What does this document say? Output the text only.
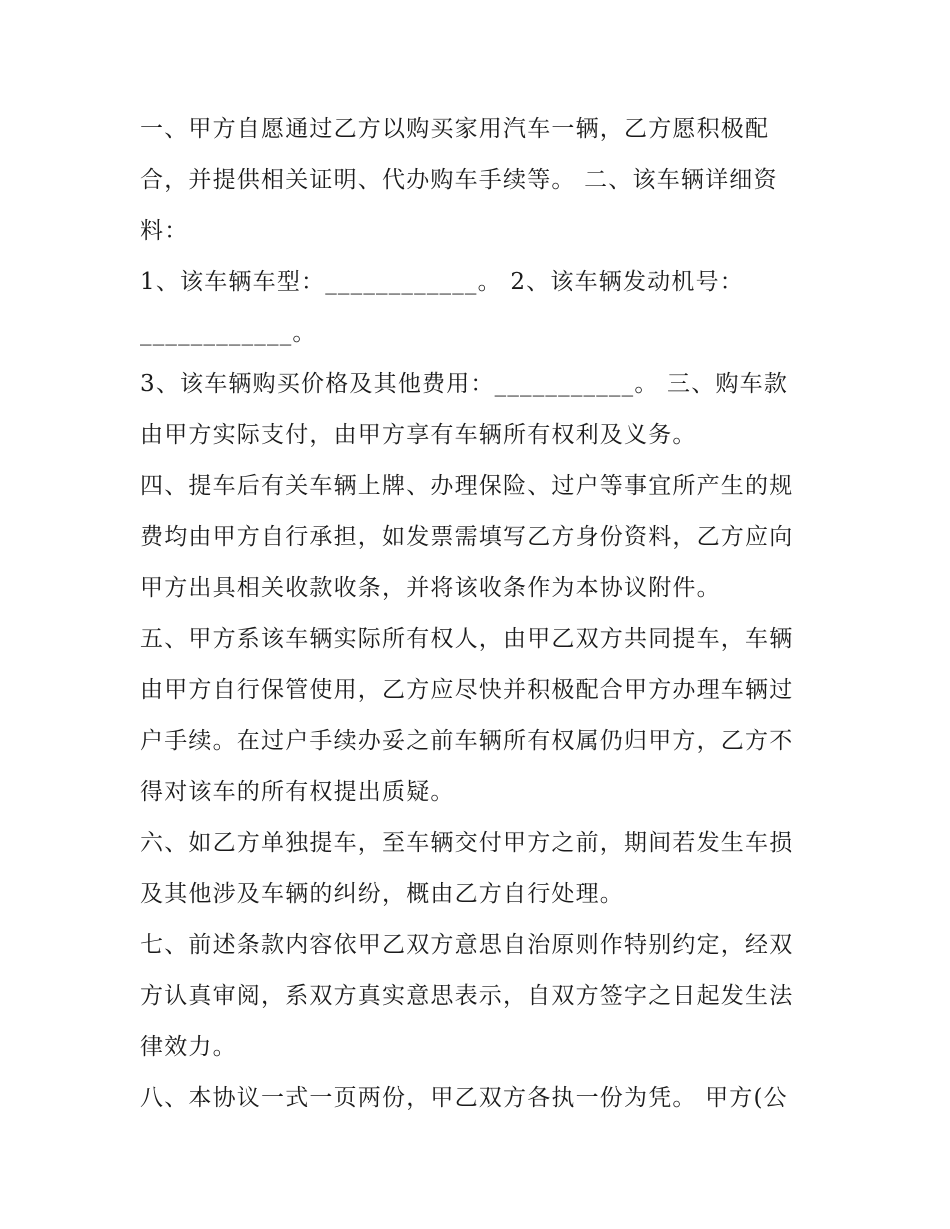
一、甲方自愿通过乙方以购买家用汽车一辆，乙方愿积极配
合，并提供相关证明、代办购车手续等。 二、该车辆详细资
料：
1、该车辆车型：____________。 2、该车辆发动机号：
____________。
3、该车辆购买价格及其他费用：___________。 三、购车款
由甲方实际支付，由甲方享有车辆所有权利及义务。
四、提车后有关车辆上牌、办理保险、过户等事宜所产生的规
费均由甲方自行承担，如发票需填写乙方身份资料，乙方应向
甲方出具相关收款收条，并将该收条作为本协议附件。
五、甲方系该车辆实际所有权人，由甲乙双方共同提车，车辆
由甲方自行保管使用，乙方应尽快并积极配合甲方办理车辆过
户手续。在过户手续办妥之前车辆所有权属仍归甲方，乙方不
得对该车的所有权提出质疑。
六、如乙方单独提车，至车辆交付甲方之前，期间若发生车损
及其他涉及车辆的纠纷，概由乙方自行处理。
七、前述条款内容依甲乙双方意思自治原则作特别约定，经双
方认真审阅，系双方真实意思表示，自双方签字之日起发生法
律效力。
八、本协议一式一页两份，甲乙双方各执一份为凭。 甲方(公
